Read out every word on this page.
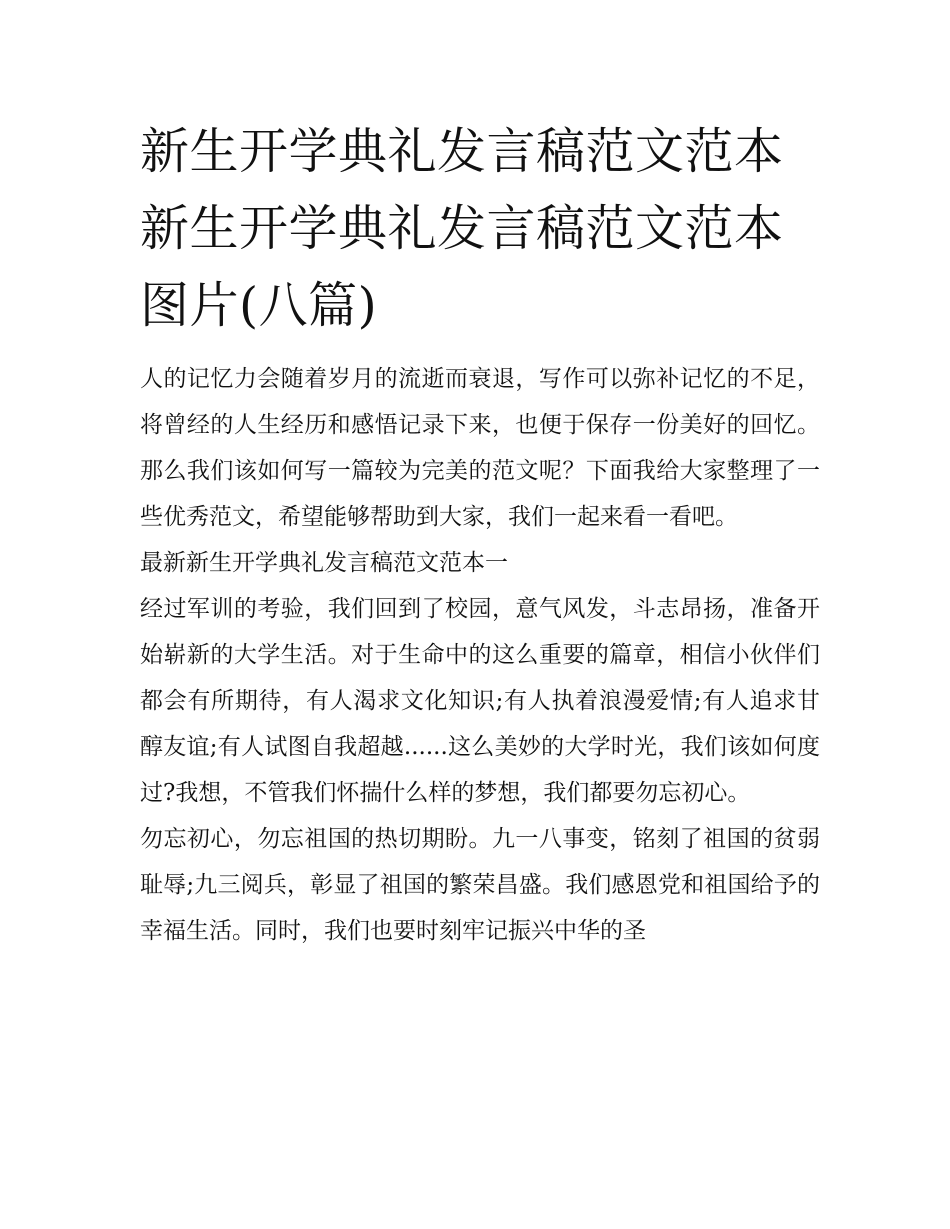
新生开学典礼发言稿范文范本
新生开学典礼发言稿范文范本
图片(八篇)

人的记忆力会随着岁月的流逝而衰退，写作可以弥补记忆的不足，将曾经的人生经历和感悟记录下来，也便于保存一份美好的回忆。那么我们该如何写一篇较为完美的范文呢？下面我给大家整理了一些优秀范文，希望能够帮助到大家，我们一起来看一看吧。

最新新生开学典礼发言稿范文范本一

经过军训的考验，我们回到了校园，意气风发，斗志昂扬，准备开始崭新的大学生活。对于生命中的这么重要的篇章，相信小伙伴们都会有所期待，有人渴求文化知识;有人执着浪漫爱情;有人追求甘醇友谊;有人试图自我超越......这么美妙的大学时光，我们该如何度过?我想，不管我们怀揣什么样的梦想，我们都要勿忘初心。

勿忘初心，勿忘祖国的热切期盼。九一八事变，铭刻了祖国的贫弱耻辱;九三阅兵，彰显了祖国的繁荣昌盛。我们感恩党和祖国给予的幸福生活。同时，我们也要时刻牢记振兴中华的圣
